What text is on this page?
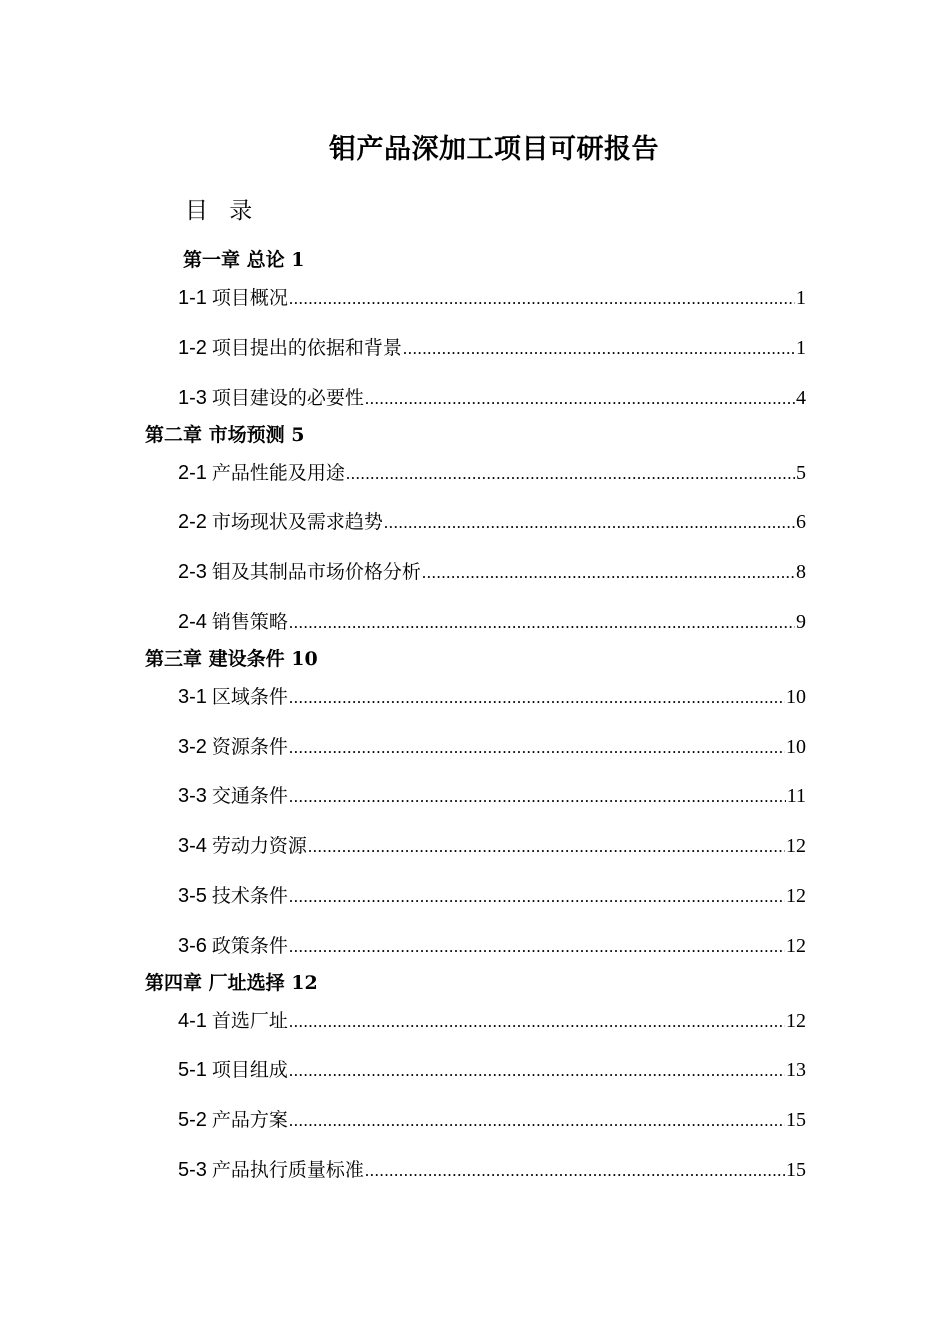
钼产品深加工项目可研报告
目 录
第一章 总论 1
1-1 项目概况 .....	1
1-2 项目提出的依据和背景 .....	1
1-3 项目建设的必要性 .....	4
第二章 市场预测 5
2-1 产品性能及用途 .....	5
2-2 市场现状及需求趋势 .....	6
2-3 钼及其制品市场价格分析 .....	8
2-4 销售策略 .....	9
第三章 建设条件 10
3-1 区域条件 .....	10
3-2 资源条件 .....	10
3-3 交通条件 .....	11
3-4 劳动力资源 .....	12
3-5 技术条件 .....	12
3-6 政策条件 .....	12
第四章 厂址选择 12
4-1 首选厂址 .....	12
5-1 项目组成 .....	13
5-2 产品方案 .....	15
5-3 产品执行质量标准 .....	15
